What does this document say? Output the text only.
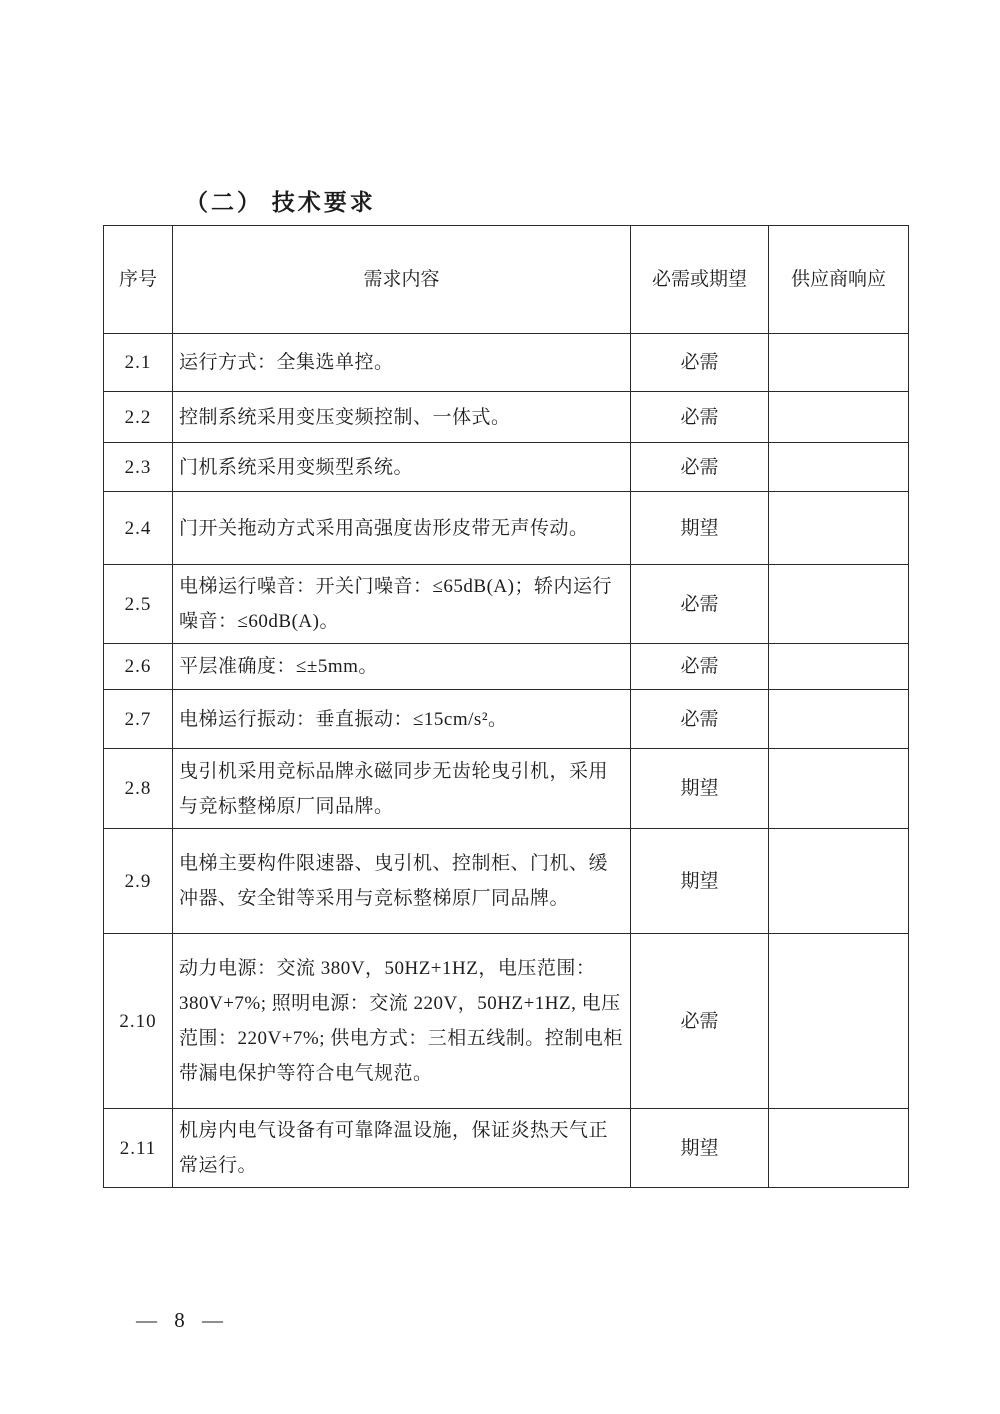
（二） 技术要求
序号	需求内容	必需或期望	供应商响应
2.1	运行方式：全集选单控。	必需	
2.2	控制系统采用变压变频控制、一体式。	必需	
2.3	门机系统采用变频型系统。	必需	
2.4	门开关拖动方式采用高强度齿形皮带无声传动。	期望	
2.5	电梯运行噪音：开关门噪音：≤65dB(A)；轿内运行噪音：≤60dB(A)。	必需	
2.6	平层准确度：≤±5mm。	必需	
2.7	电梯运行振动：垂直振动：≤15cm/s²。	必需	
2.8	曳引机采用竞标品牌永磁同步无齿轮曳引机，采用与竞标整梯原厂同品牌。	期望	
2.9	电梯主要构件限速器、曳引机、控制柜、门机、缓冲器、安全钳等采用与竞标整梯原厂同品牌。	期望	
2.10	动力电源：交流 380V，50HZ+1HZ，电压范围：380V+7%; 照明电源：交流 220V，50HZ+1HZ, 电压范围：220V+7%; 供电方式：三相五线制。控制电柜带漏电保护等符合电气规范。	必需	
2.11	机房内电气设备有可靠降温设施，保证炎热天气正常运行。	期望	
— 8 —
